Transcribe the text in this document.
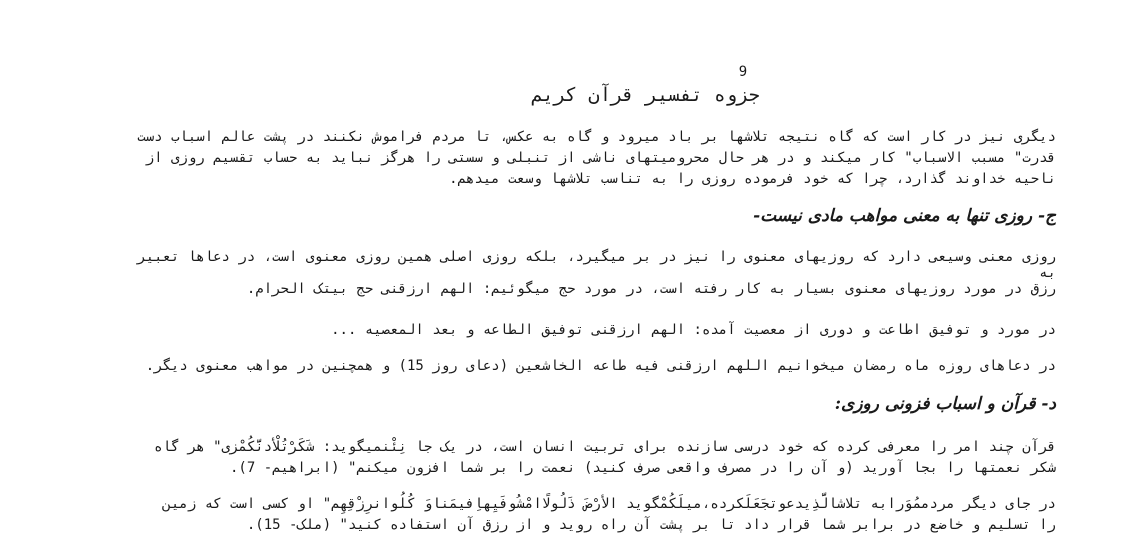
9
جزوه تفسیر قرآن کریم

دیگری نیز در کار است که گاه نتیجه تلاشها بر باد میرود و گاه به عکس، تا مردم فراموش نکنند در پشت عالم اسباب دست
قدرت" مسبب الاسباب" کار میکند و در هر حال محرومیتهای ناشی از تنبلی و سستی را هرگز نباید به حساب تقسیم روزی از
ناحیه خداوند گذارد، چرا که خود فرموده روزی را به تناسب تلاشها وسعت میدهم.

ج- روزی تنها به معنی مواهب مادی نیست-

روزی معنی وسیعی دارد که روزیهای معنوی را نیز در بر میگیرد، بلکه روزی اصلی همین روزی معنوی است، در دعاها تعبیر
به
رزق در مورد روزیهای معنوی بسیار به کار رفته است، در مورد حج میگوئیم: الهم ارزقنی حج بیتک الحرام.

در مورد و توفیق اطاعت و دوری از معصیت آمده: الهم ارزقنی توفیق الطاعه و بعد المعصیه ...

در دعاهای روزه ماه رمضان میخوانیم اللهم ارزقنی فیه طاعه الخاشعین (دعای روز 15) و همچنین در مواهب معنوی دیگر.

د- قرآن و اسباب فزونی روزی:

قرآن چند امر را معرفی کرده که خود درسی سازنده برای تربیت انسان است، در یک جا نِئْنميگويد: شَكَرْتُلْأدنَّكُمْزی" هر گاه
شکر نعمتها را بجا آورید (و آن را در مصرف واقعی صرف کنید) نعمت را بر شما افزون میکنم" (ابراهیم- 7).

در جای دیگر مردممُوَرابه تلاشالَّذِیدعوتجَعَلَکرده،میلَکُمْگويد الأرْضَ ذَلُولًاامْشُوفَيِهاِفیمَناوَ كُلُوانرِزْقِهِم" او کسی است که زمین
را تسلیم و خاضع در برابر شما قرار داد تا بر پشت آن راه روید و از رزق آن استفاده کنید" (ملک- 15).
